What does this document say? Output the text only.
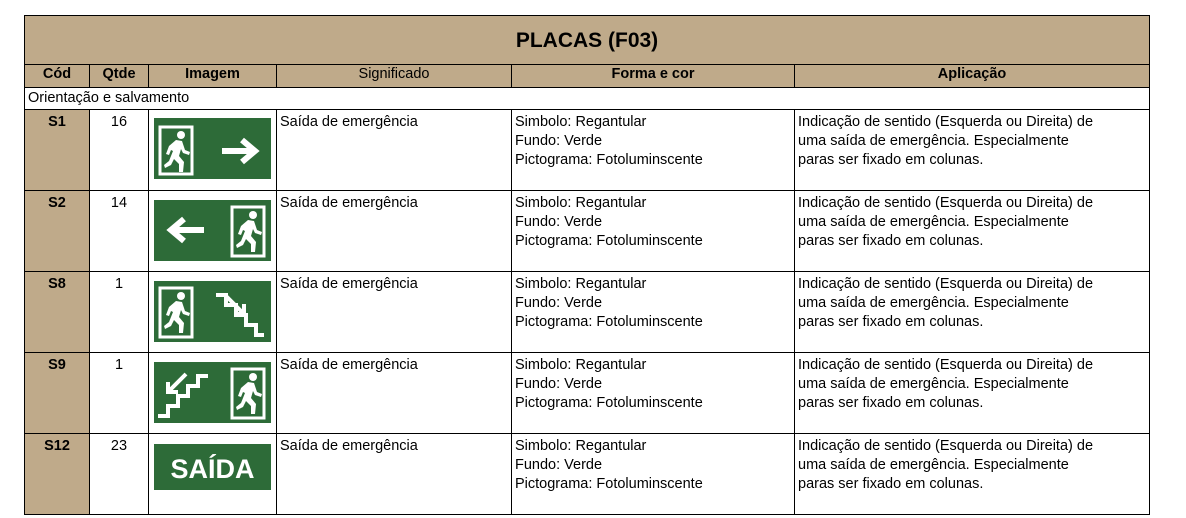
PLACAS (F03)					
Cód	Qtde	Imagem	Significado	Forma e cor	Aplicação
Orientação e salvamento					
S1	16		Saída de emergência	Simbolo: Regantular
Fundo: Verde
Pictograma: Fotoluminscente	Indicação de sentido (Esquerda ou Direita) de
uma saída de emergência. Especialmente
paras ser fixado em colunas.

S2	14		Saída de emergência	Simbolo: Regantular
Fundo: Verde
Pictograma: Fotoluminscente	Indicação de sentido (Esquerda ou Direita) de
uma saída de emergência. Especialmente
paras ser fixado em colunas.

S8	1		Saída de emergência	Simbolo: Regantular
Fundo: Verde
Pictograma: Fotoluminscente	Indicação de sentido (Esquerda ou Direita) de
uma saída de emergência. Especialmente
paras ser fixado em colunas.

S9	1		Saída de emergência	Simbolo: Regantular
Fundo: Verde
Pictograma: Fotoluminscente	Indicação de sentido (Esquerda ou Direita) de
uma saída de emergência. Especialmente
paras ser fixado em colunas.

S12	23	SAÍDA	Saída de emergência	Simbolo: Regantular
Fundo: Verde
Pictograma: Fotoluminscente	Indicação de sentido (Esquerda ou Direita) de
uma saída de emergência. Especialmente
paras ser fixado em colunas.
